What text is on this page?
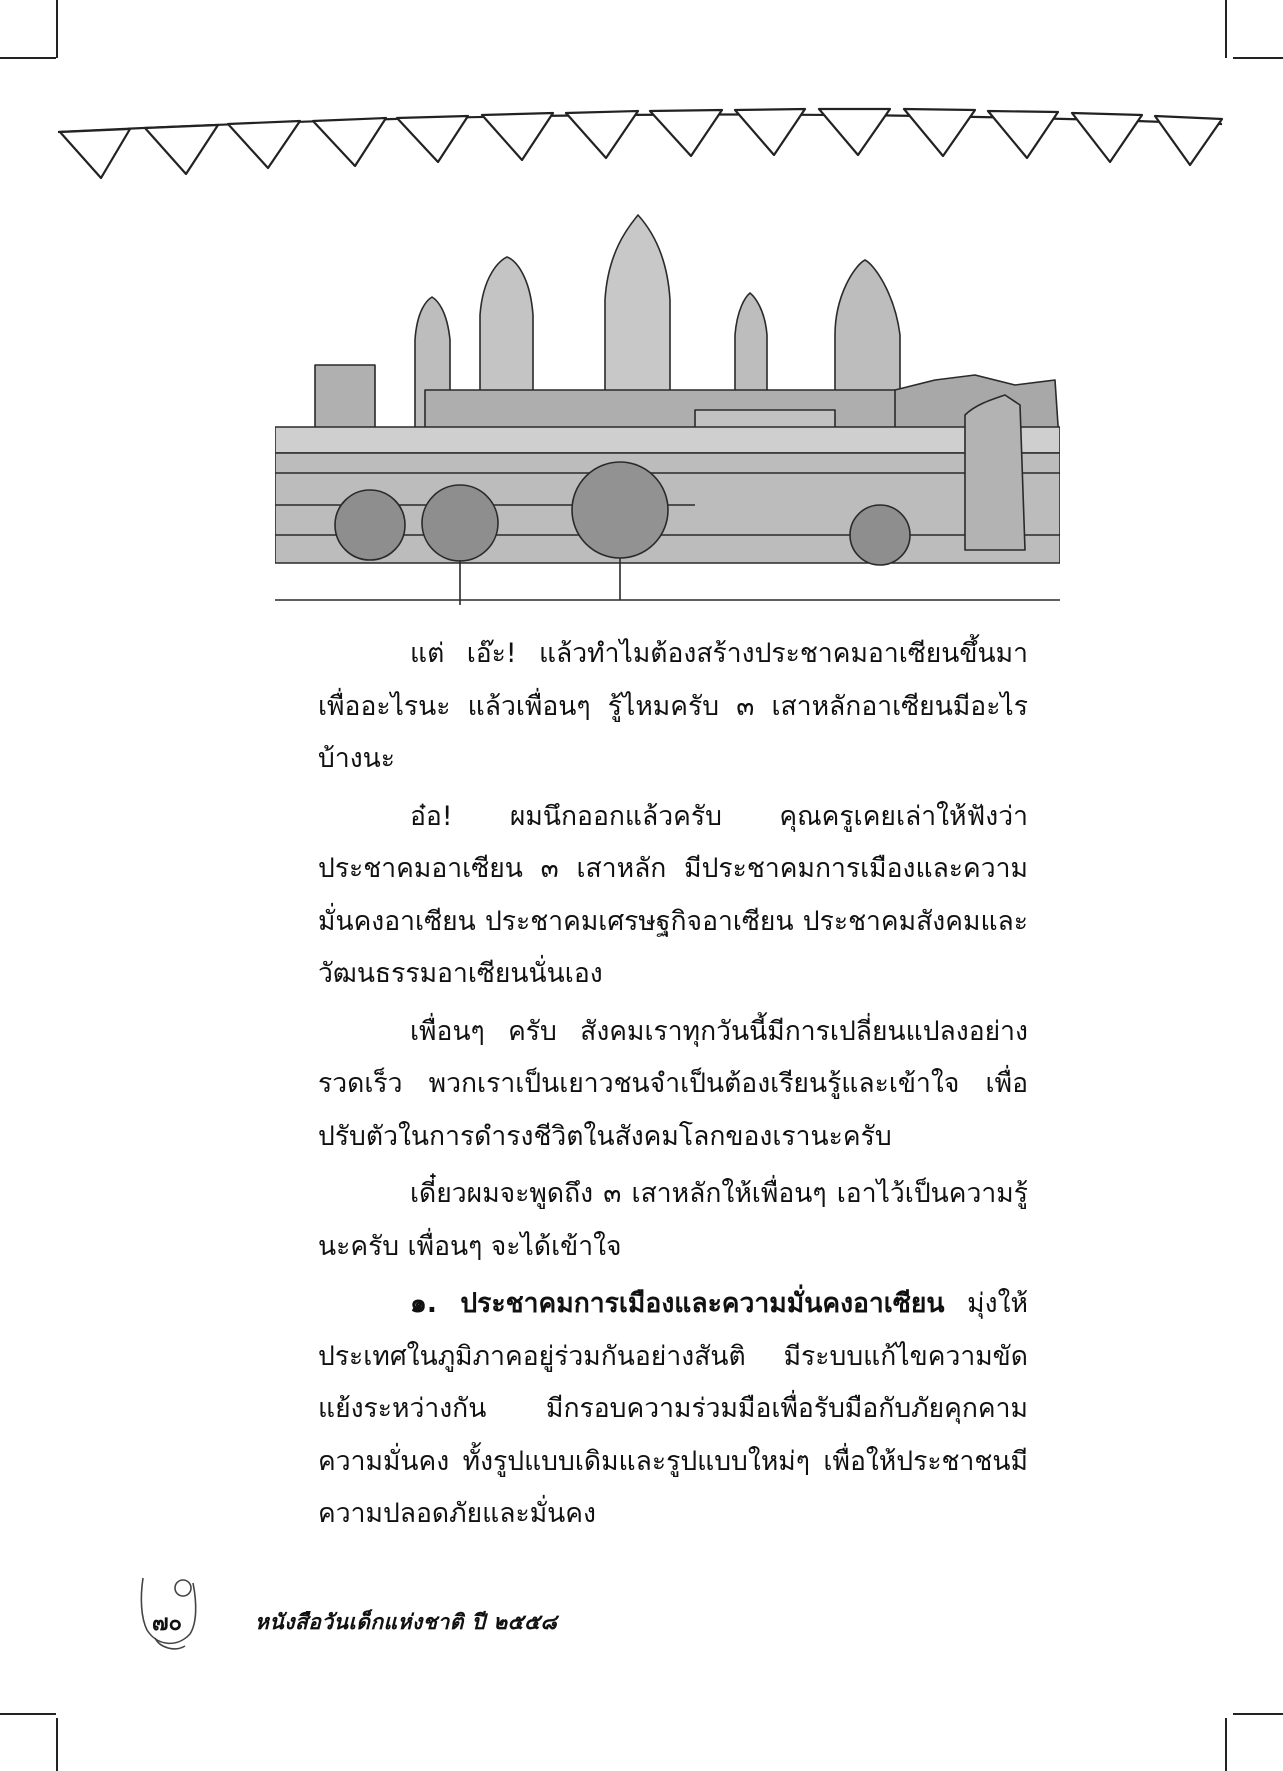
แต่ เอ๊ะ! แล้วทำไมต้องสร้างประชาคมอาเซียนขึ้นมาเพื่ออะไรนะ แล้วเพื่อนๆ รู้ไหมครับ ๓ เสาหลักอาเซียนมีอะไรบ้างนะ

อ๋อ! ผมนึกออกแล้วครับ คุณครูเคยเล่าให้ฟังว่า ประชาคมอาเซียน ๓ เสาหลัก มีประชาคมการเมืองและความมั่นคงอาเซียน ประชาคมเศรษฐกิจอาเซียน ประชาคมสังคมและวัฒนธรรมอาเซียนนั่นเอง

เพื่อนๆ ครับ สังคมเราทุกวันนี้มีการเปลี่ยนแปลงอย่างรวดเร็ว พวกเราเป็นเยาวชนจำเป็นต้องเรียนรู้และเข้าใจ เพื่อปรับตัวในการดำรงชีวิตในสังคมโลกของเรานะครับ

เดี๋ยวผมจะพูดถึง ๓ เสาหลักให้เพื่อนๆ เอาไว้เป็นความรู้นะครับ เพื่อนๆ จะได้เข้าใจ

๑. ประชาคมการเมืองและความมั่นคงอาเซียน มุ่งให้ประเทศในภูมิภาคอยู่ร่วมกันอย่างสันติ มีระบบแก้ไขความขัดแย้งระหว่างกัน มีกรอบความร่วมมือเพื่อรับมือกับภัยคุกคามความมั่นคง ทั้งรูปแบบเดิมและรูปแบบใหม่ๆ เพื่อให้ประชาชนมีความปลอดภัยและมั่นคง

๗๐	หนังสือวันเด็กแห่งชาติ ปี ๒๕๕๘
